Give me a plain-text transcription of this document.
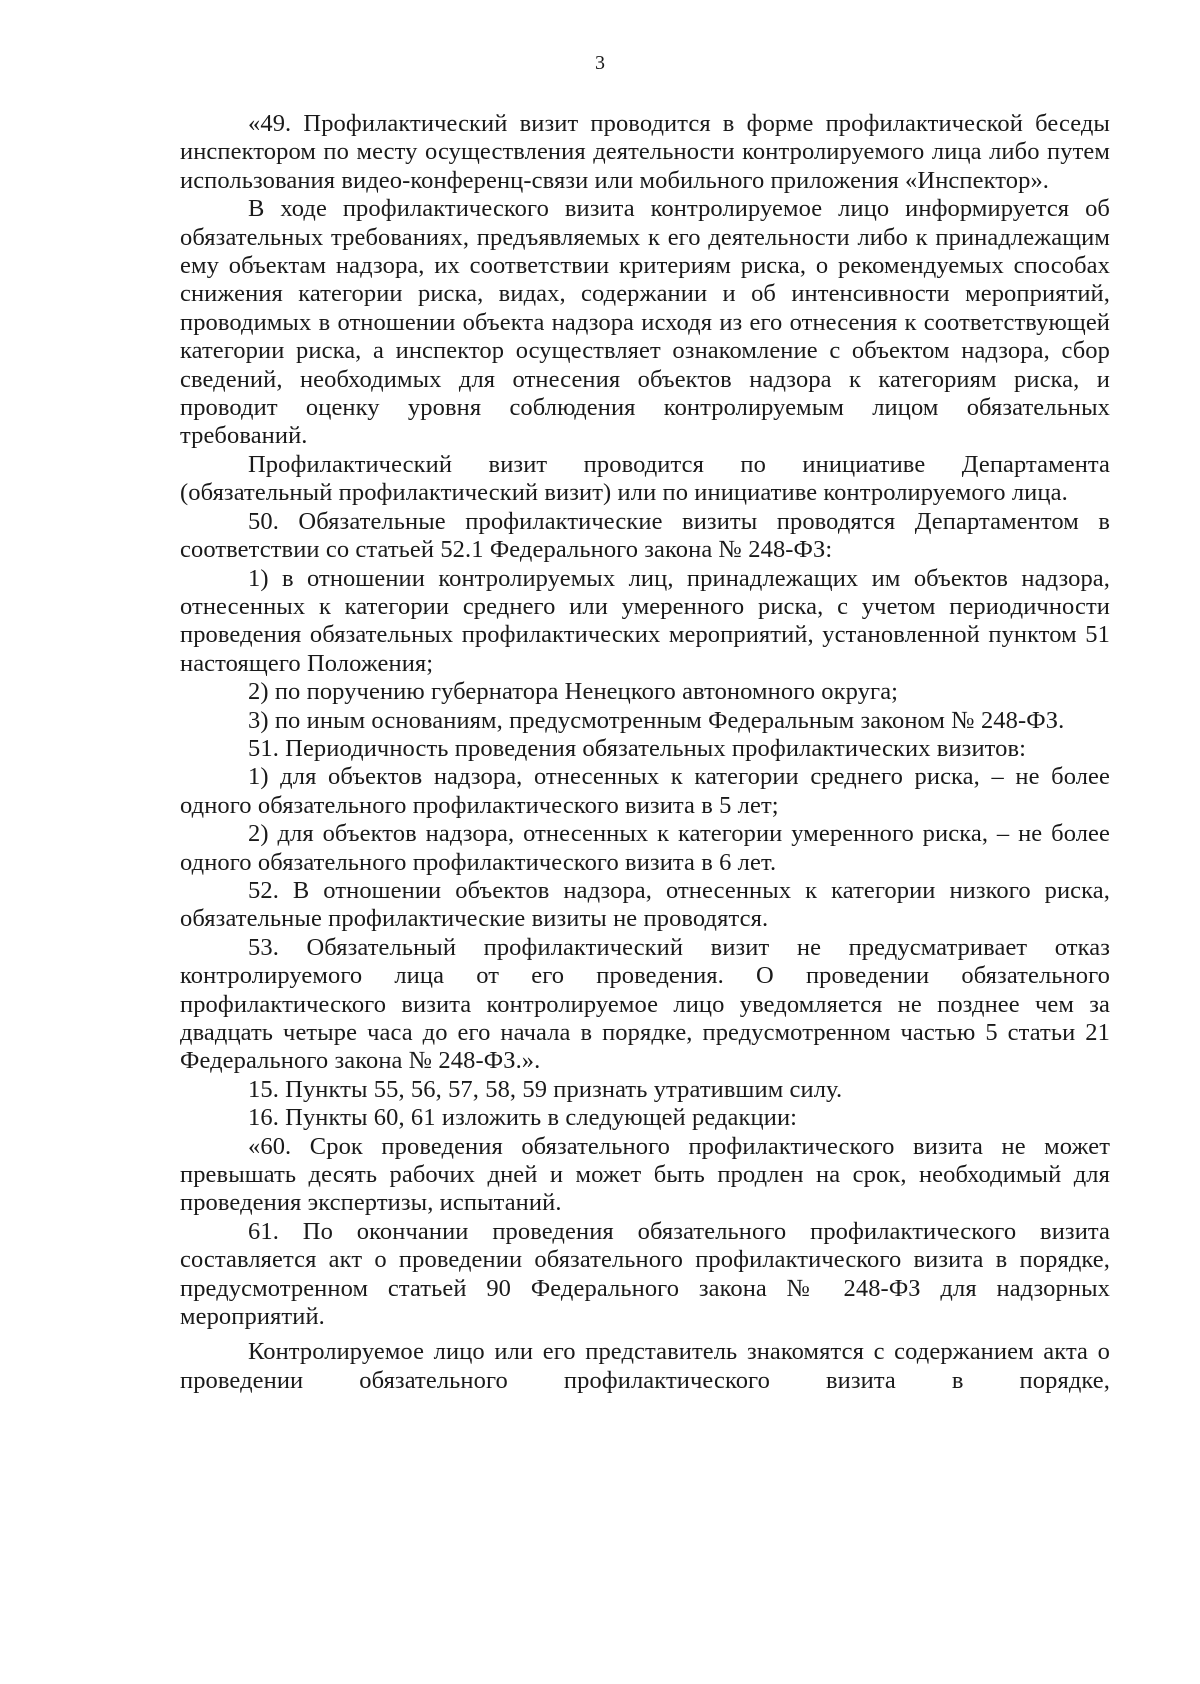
3

«49. Профилактический визит проводится в форме профилактической беседы инспектором по месту осуществления деятельности контролируемого лица либо путем использования видео-конференц-связи или мобильного приложения «Инспектор».

В ходе профилактического визита контролируемое лицо информируется об обязательных требованиях, предъявляемых к его деятельности либо к принадлежащим ему объектам надзора, их соответствии критериям риска, о рекомендуемых способах снижения категории риска, видах, содержании и об интенсивности мероприятий, проводимых в отношении объекта надзора исходя из его отнесения к соответствующей категории риска, а инспектор осуществляет ознакомление с объектом надзора, сбор сведений, необходимых для отнесения объектов надзора к категориям риска, и проводит оценку уровня соблюдения контролируемым лицом обязательных требований.

Профилактический визит проводится по инициативе Департамента (обязательный профилактический визит) или по инициативе контролируемого лица.

50. Обязательные профилактические визиты проводятся Департаментом в соответствии со статьей 52.1 Федерального закона № 248-ФЗ:

1) в отношении контролируемых лиц, принадлежащих им объектов надзора, отнесенных к категории среднего или умеренного риска, с учетом периодичности проведения обязательных профилактических мероприятий, установленной пунктом 51 настоящего Положения;

2) по поручению губернатора Ненецкого автономного округа;

3) по иным основаниям, предусмотренным Федеральным законом № 248-ФЗ.

51. Периодичность проведения обязательных профилактических визитов:

1) для объектов надзора, отнесенных к категории среднего риска, – не более одного обязательного профилактического визита в 5 лет;

2) для объектов надзора, отнесенных к категории умеренного риска, – не более одного обязательного профилактического визита в 6 лет.

52. В отношении объектов надзора, отнесенных к категории низкого риска, обязательные профилактические визиты не проводятся.

53. Обязательный профилактический визит не предусматривает отказ контролируемого лица от его проведения. О проведении обязательного профилактического визита контролируемое лицо уведомляется не позднее чем за двадцать четыре часа до его начала в порядке, предусмотренном частью 5 статьи 21 Федерального закона № 248-ФЗ.».

15. Пункты 55, 56, 57, 58, 59 признать утратившим силу.

16. Пункты 60, 61 изложить в следующей редакции:

«60. Срок проведения обязательного профилактического визита не может превышать десять рабочих дней и может быть продлен на срок, необходимый для проведения экспертизы, испытаний.

61. По окончании проведения обязательного профилактического визита составляется акт о проведении обязательного профилактического визита в порядке, предусмотренном статьей 90 Федерального закона № 248-ФЗ для надзорных мероприятий.

Контролируемое лицо или его представитель знакомятся с содержанием акта о проведении обязательного профилактического визита в порядке,
